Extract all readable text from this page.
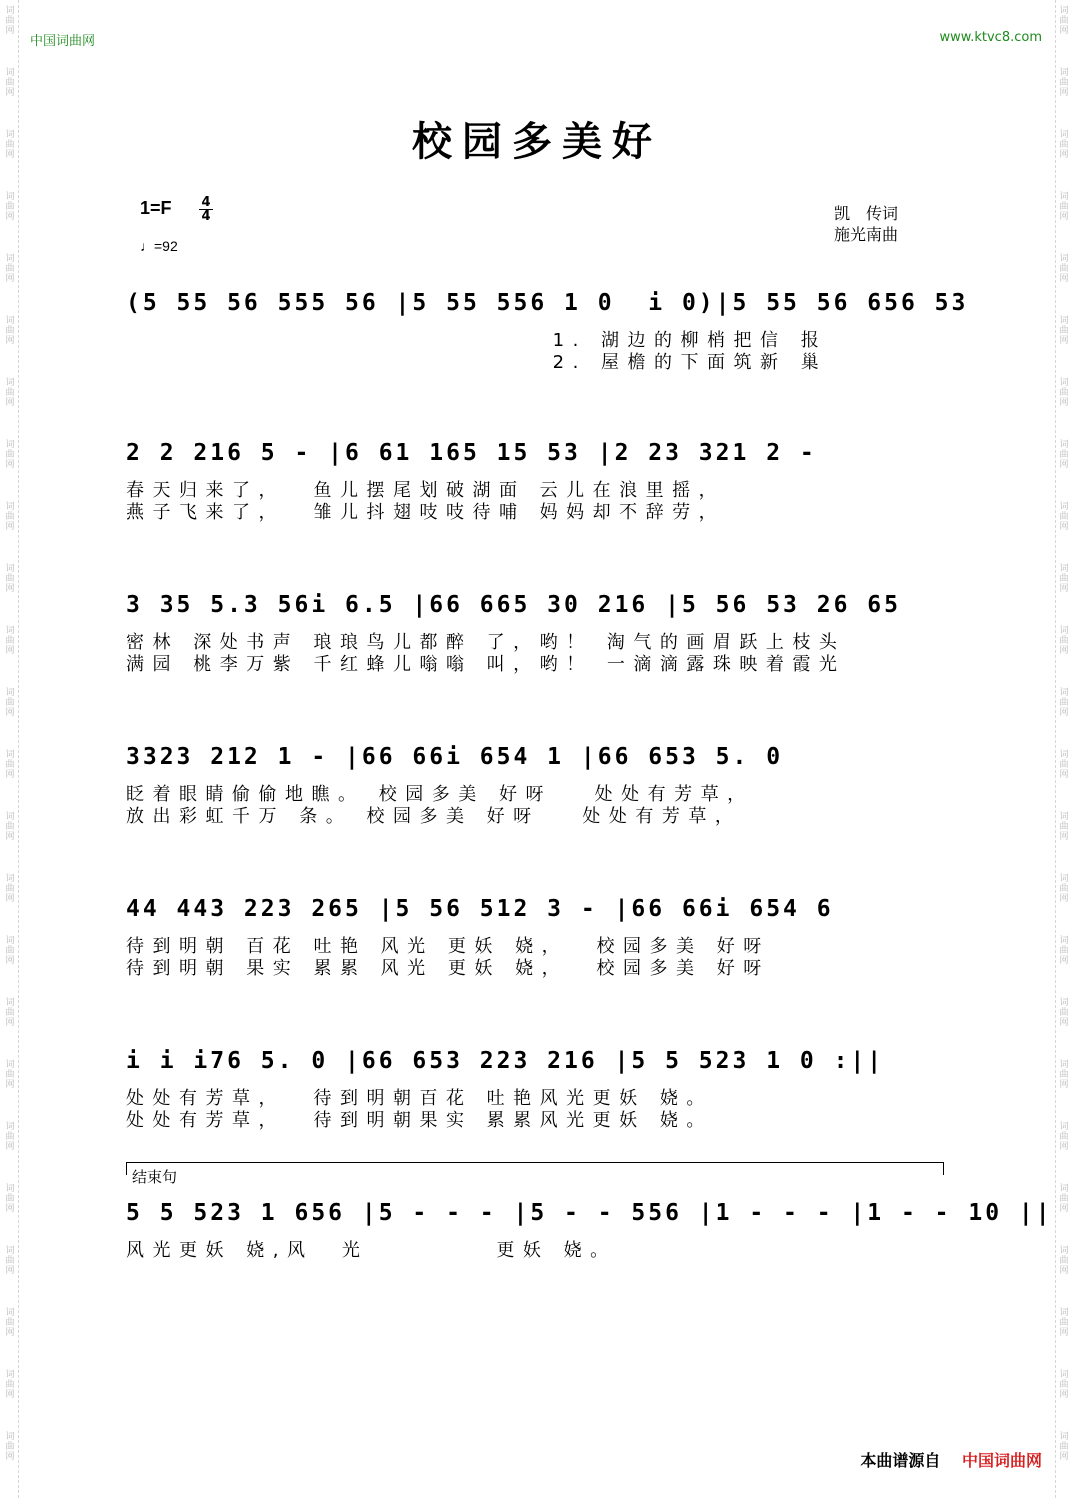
词
曲
网
词
曲
网
词
曲
网
词
曲
网
词
曲
网
词
曲
网
词
曲
网
词
曲
网
词
曲
网
词
曲
网
词
曲
网
词
曲
网
词
曲
网
词
曲
网
词
曲
网
词
曲
网
词
曲
网
词
曲
网
词
曲
网
词
曲
网
词
曲
网
词
曲
网
词
曲
网
词
曲
网
词
曲
网
词
曲
网
词
曲
网
词
曲
网
词
曲
网
词
曲
网
词
曲
网
词
曲
网
词
曲
网
词
曲
网
词
曲
网
词
曲
网
词
曲
网
词
曲
网
词
曲
网
词
曲
网
词
曲
网
词
曲
网
词
曲
网
词
曲
网
词
曲
网
词
曲
网
词
曲
网
词
曲
网
中国词曲网	www.ktvc8.com
校园多美好
1=F 4
4
♩=92
凯　传词
施光南曲
(5 55 56 555 56 |5 55 556 1 0  i 0)|5 55 56 656 53
1. 湖边的柳梢把信 报
2. 屋檐的下面筑新 巢
2 2 216 5 - |6 61 165 15 53 |2 23 321 2 -
春天归来了，  鱼儿摆尾划破湖面 云儿在浪里摇，
燕子飞来了，  雏儿抖翅吱吱待哺 妈妈却不辞劳，
3 35 5.3 56i 6.5 |66 665 30 216 |5 56 53 26 65
密林 深处书声 琅琅鸟儿都醉 了，哟！ 淘气的画眉跃上枝头
满园 桃李万紫 千红蜂儿嗡嗡 叫，哟！ 一滴滴露珠映着霞光
3323 212 1 - |66 66i 654 1 |66 653 5. 0
眨着眼睛偷偷地瞧。 校园多美 好呀   处处有芳草，
放出彩虹千万 条。 校园多美 好呀   处处有芳草，
44 443 223 265 |5 56 512 3 - |66 66i 654 6
待到明朝 百花 吐艳 风光 更妖 娆，  校园多美 好呀
待到明朝 果实 累累 风光 更妖 娆，  校园多美 好呀
i i i76 5. 0 |66 653 223 216 |5 5 523 1 0 :||
处处有芳草，  待到明朝百花 吐艳风光更妖 娆。
处处有芳草，  待到明朝果实 累累风光更妖 娆。
结束句
5 5 523 1 656 |5 - - - |5 - - 556 |1 - - - |1 - - 10 ||
风光更妖 娆,风  光         更妖 娆。
本曲谱源自 中国词曲网
